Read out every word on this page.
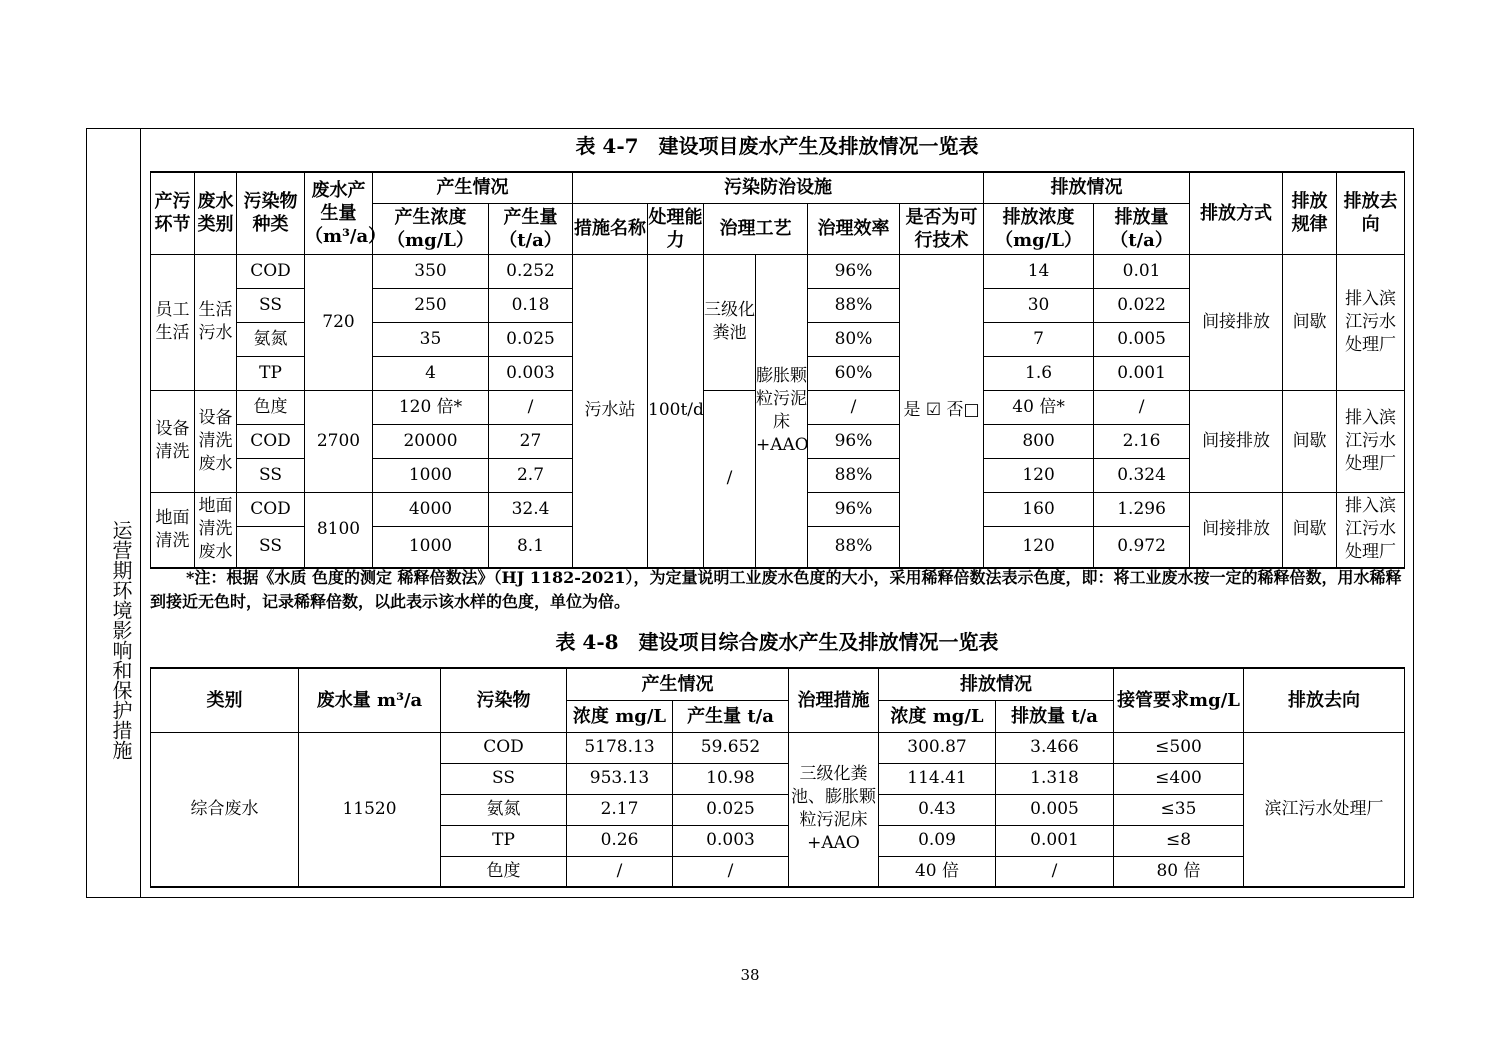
运营期环境影响和保护措施
表 4-7　建设项目废水产生及排放情况一览表
产污环节	废水类别	污染物种类	废水产生量（m³/a）	产生情况		污染防治设施						排放情况		排放方式	排放规律	排放去向
				产生浓度（mg/L）	产生量（t/a）	措施名称	处理能力	治理工艺		治理效率	是否为可行技术	排放浓度（mg/L）	排放量（t/a）			
员工生活	生活污水	COD	720	350	0.252	污水站	100t/d	三级化粪池	膨胀颗粒污泥床+AAO	96%	是 ☑ 否□	14	0.01	间接排放	间歇	排入滨江污水处理厂
		SS		250	0.18					88%		30	0.022			
		氨氮		35	0.025					80%		7	0.005			
		TP		4	0.003					60%		1.6	0.001			
设备清洗	设备清洗废水	色度	2700	120 倍*	/			/		/		40 倍*	/	间接排放	间歇	排入滨江污水处理厂
		COD		20000	27					96%		800	2.16			
		SS		1000	2.7					88%		120	0.324			
地面清洗	地面清洗废水	COD	8100	4000	32.4					96%		160	1.296	间接排放	间歇	排入滨江污水处理厂
		SS		1000	8.1					88%		120	0.972			
*注：根据《水质 色度的测定 稀释倍数法》（HJ 1182-2021），为定量说明工业废水色度的大小，采用稀释倍数法表示色度，即：将工业废水按一定的稀释倍数，用水稀释到接近无色时，记录稀释倍数，以此表示该水样的色度，单位为倍。
表 4-8　建设项目综合废水产生及排放情况一览表
类别	废水量 m³/a	污染物	产生情况		治理措施	排放情况		接管要求mg/L	排放去向
			浓度 mg/L	产生量 t/a		浓度 mg/L	排放量 t/a		
综合废水	11520	COD	5178.13	59.652	三级化粪池、膨胀颗粒污泥床+AAO	300.87	3.466	≤500	滨江污水处理厂
		SS	953.13	10.98		114.41	1.318	≤400	
		氨氮	2.17	0.025		0.43	0.005	≤35	
		TP	0.26	0.003		0.09	0.001	≤8	
		色度	/	/		40 倍	/	80 倍	
38
